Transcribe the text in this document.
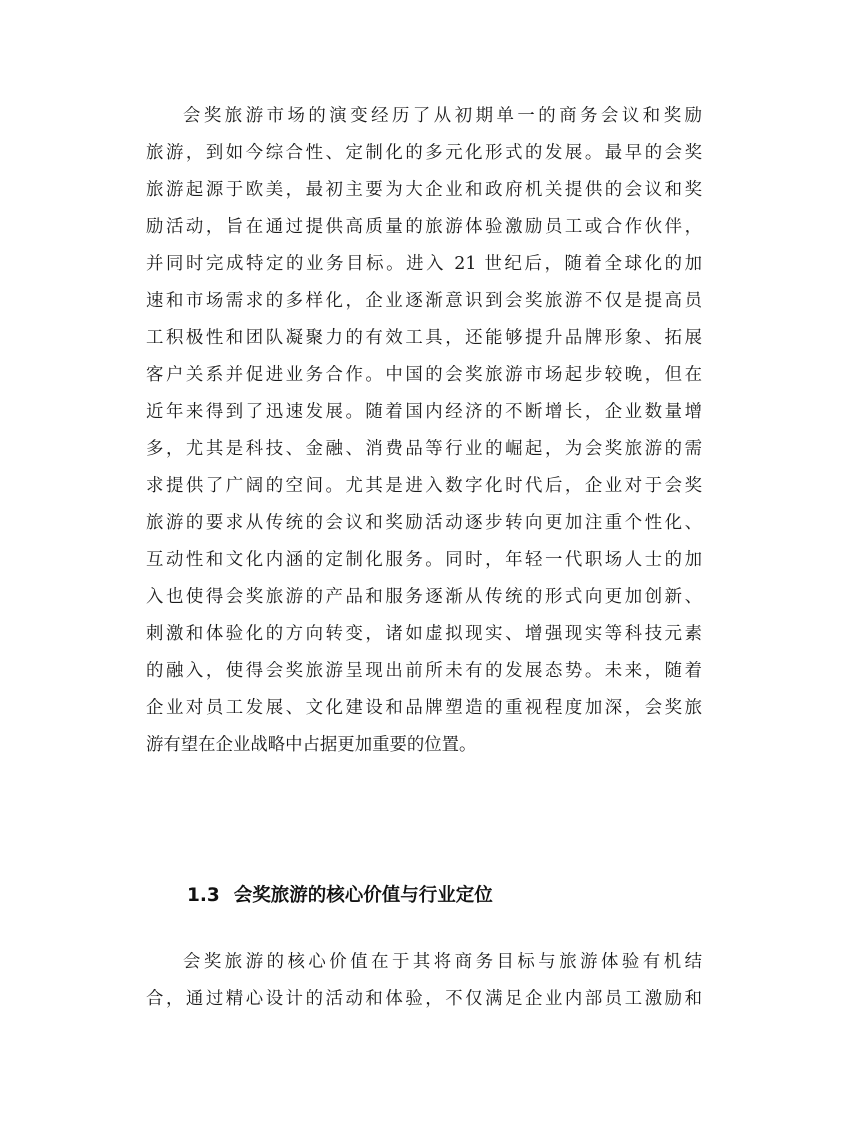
会奖旅游市场的演变经历了从初期单一的商务会议和奖励
旅游，到如今综合性、定制化的多元化形式的发展。最早的会奖
旅游起源于欧美，最初主要为大企业和政府机关提供的会议和奖
励活动，旨在通过提供高质量的旅游体验激励员工或合作伙伴，
并同时完成特定的业务目标。进入 21 世纪后，随着全球化的加
速和市场需求的多样化，企业逐渐意识到会奖旅游不仅是提高员
工积极性和团队凝聚力的有效工具，还能够提升品牌形象、拓展
客户关系并促进业务合作。中国的会奖旅游市场起步较晚，但在
近年来得到了迅速发展。随着国内经济的不断增长，企业数量增
多，尤其是科技、金融、消费品等行业的崛起，为会奖旅游的需
求提供了广阔的空间。尤其是进入数字化时代后，企业对于会奖
旅游的要求从传统的会议和奖励活动逐步转向更加注重个性化、
互动性和文化内涵的定制化服务。同时，年轻一代职场人士的加
入也使得会奖旅游的产品和服务逐渐从传统的形式向更加创新、
刺激和体验化的方向转变，诸如虚拟现实、增强现实等科技元素
的融入，使得会奖旅游呈现出前所未有的发展态势。未来，随着
企业对员工发展、文化建设和品牌塑造的重视程度加深，会奖旅
游有望在企业战略中占据更加重要的位置。
1.3 会奖旅游的核心价值与行业定位
会奖旅游的核心价值在于其将商务目标与旅游体验有机结
合，通过精心设计的活动和体验，不仅满足企业内部员工激励和
